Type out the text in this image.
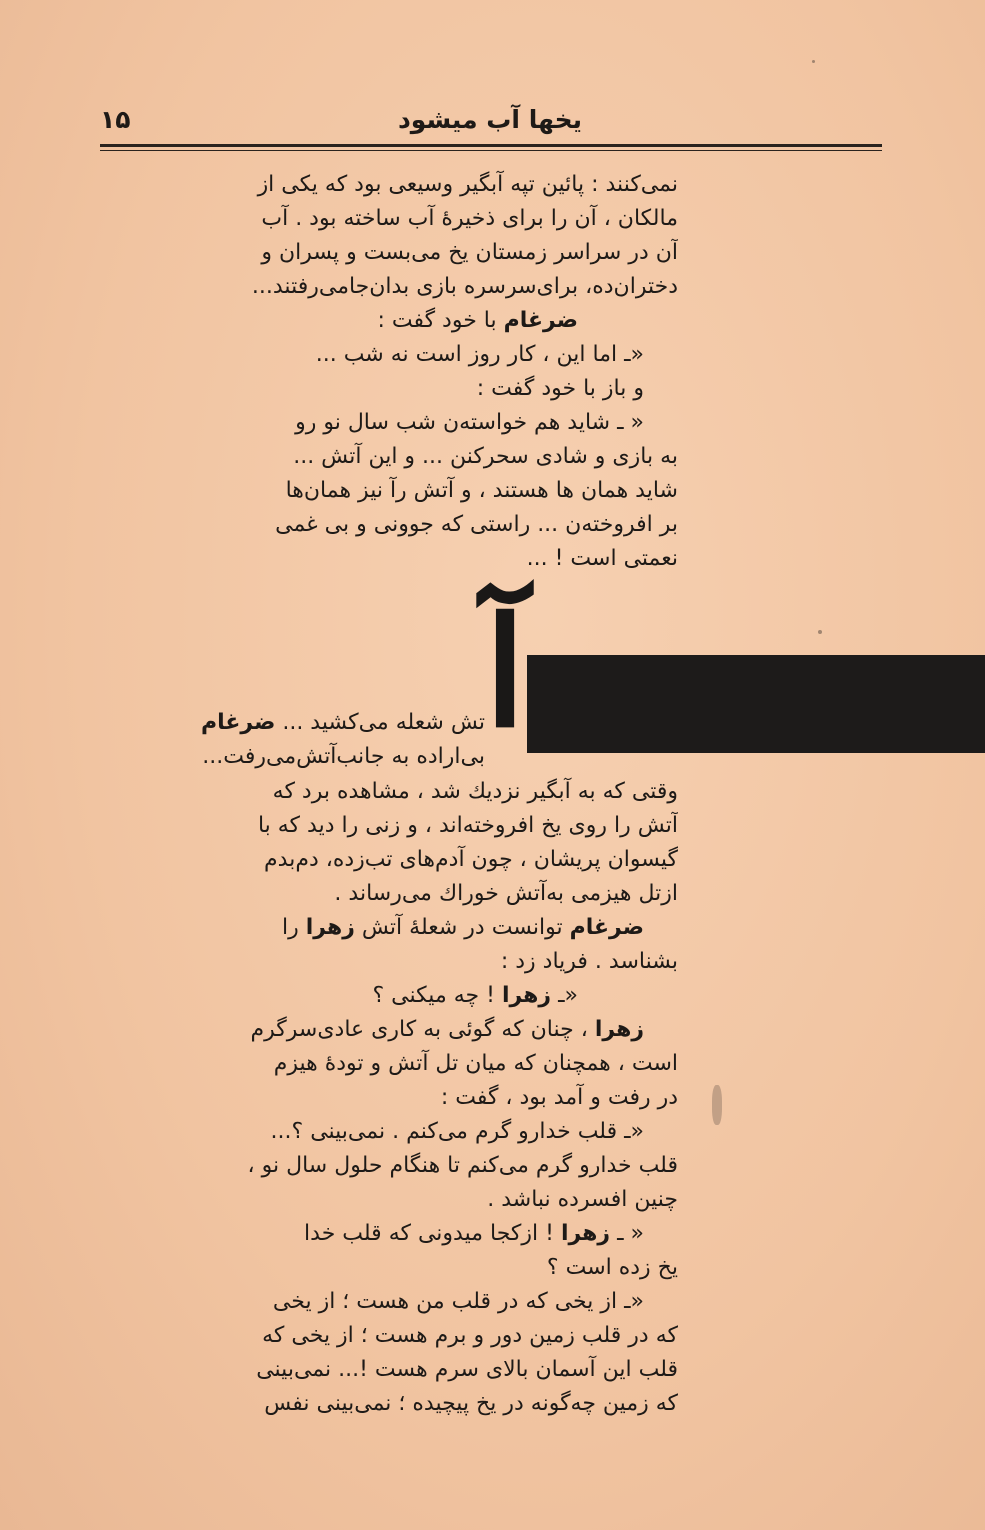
یخها آب میشود
۱۵
نمی‌کنند : پائین تپه آبگیر وسیعی بود که یکی از
مالکان ، آن را برای ذخیرهٔ آب ساخته بود . آب
آن در سراسر زمستان یخ می‌بست و پسران و
دختران‌ده، برای‌سرسره بازی بدان‌جامی‌رفتند...
ضرغام با خود گفت :
«ـ اما این ، کار روز است نه شب ...
و باز با خود گفت :
« ـ شاید هم خواسته‌ن شب سال نو رو
به بازی و شادی سحرکنن ... و این آتش ...
شاید همان ها هستند ، و آتش رآ نیز همان‌ها
بر افروخته‌ن ... راستی که جوونی و بی غمی
نعمتی است ! ...
آ
تش شعله می‌کشید ... ضرغام
بی‌اراده به جانب‌آتش‌می‌رفت...
وقتی که به آبگیر نزدیك شد ، مشاهده برد که
آتش را روی یخ افروخته‌اند ، و زنی را دید که با
گیسوان پریشان ، چون آدم‌های تب‌زده، دم‌بدم
ازتل هیزمی به‌آتش خوراك می‌رساند .
ضرغام توانست در شعلهٔ آتش زهرا را
بشناسد . فریاد زد :
«ـ زهرا ! چه میکنی ؟
زهرا ، چنان که گوئی به کاری عادی‌سرگرم
است ، همچنان که میان تل آتش و تودهٔ هیزم
در رفت و آمد بود ، گفت :
«ـ قلب خدارو گرم می‌کنم . نمی‌بینی ؟...
قلب خدارو گرم می‌کنم تا هنگام حلول سال نو ،
چنین افسرده نباشد .
« ـ زهرا ! ازکجا میدونی که قلب خدا
یخ زده است ؟
«ـ از یخی که در قلب من هست ؛ از یخی
که در قلب زمین دور و برم هست ؛ از یخی که
قلب این آسمان بالای سرم هست !... نمی‌بینی
که زمین چه‌گونه در یخ پیچیده ؛ نمی‌بینی نفس
